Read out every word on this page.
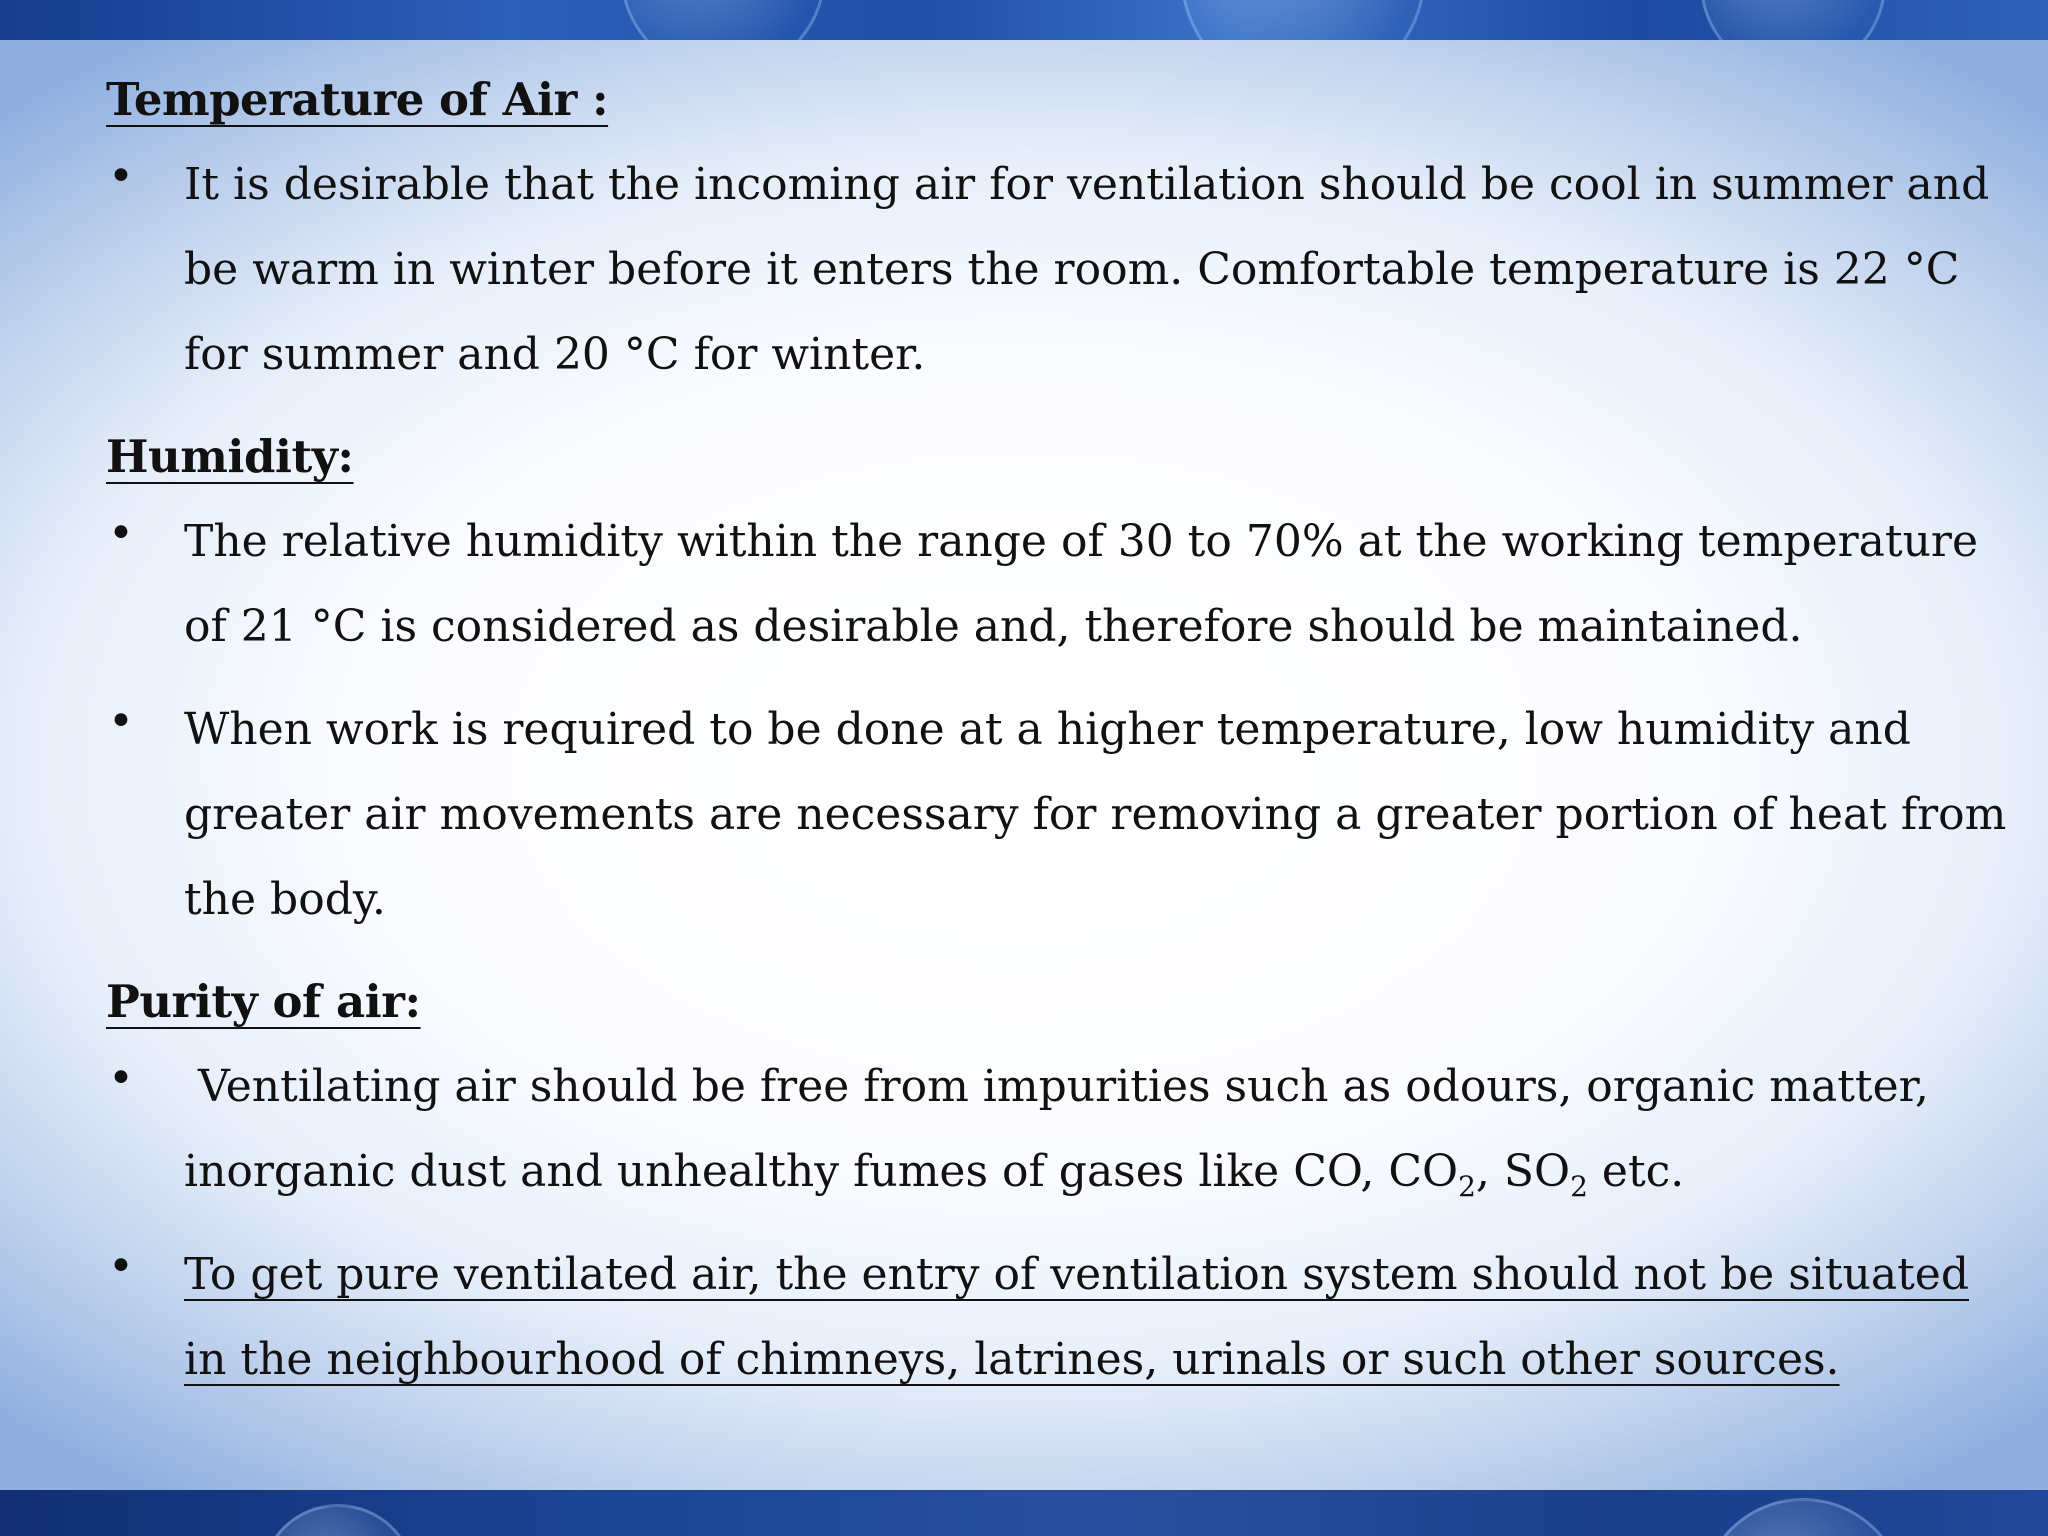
Temperature of Air :
• It is desirable that the incoming air for ventilation should be cool in summer and be warm in winter before it enters the room. Comfortable temperature is 22 °C for summer and 20 °C for winter.
Humidity:
• The relative humidity within the range of 30 to 70% at the working temperature of 21 °C is considered as desirable and, therefore should be maintained.
• When work is required to be done at a higher temperature, low humidity and greater air movements are necessary for removing a greater portion of heat from the body.
Purity of air:
• Ventilating air should be free from impurities such as odours, organic matter,
inorganic dust and unhealthy fumes of gases like CO, $CO_2$, $SO_2$ etc.
• To get pure ventilated air, the entry of ventilation system should not be situated in the neighbourhood of chimneys, latrines, urinals or such other sources.
